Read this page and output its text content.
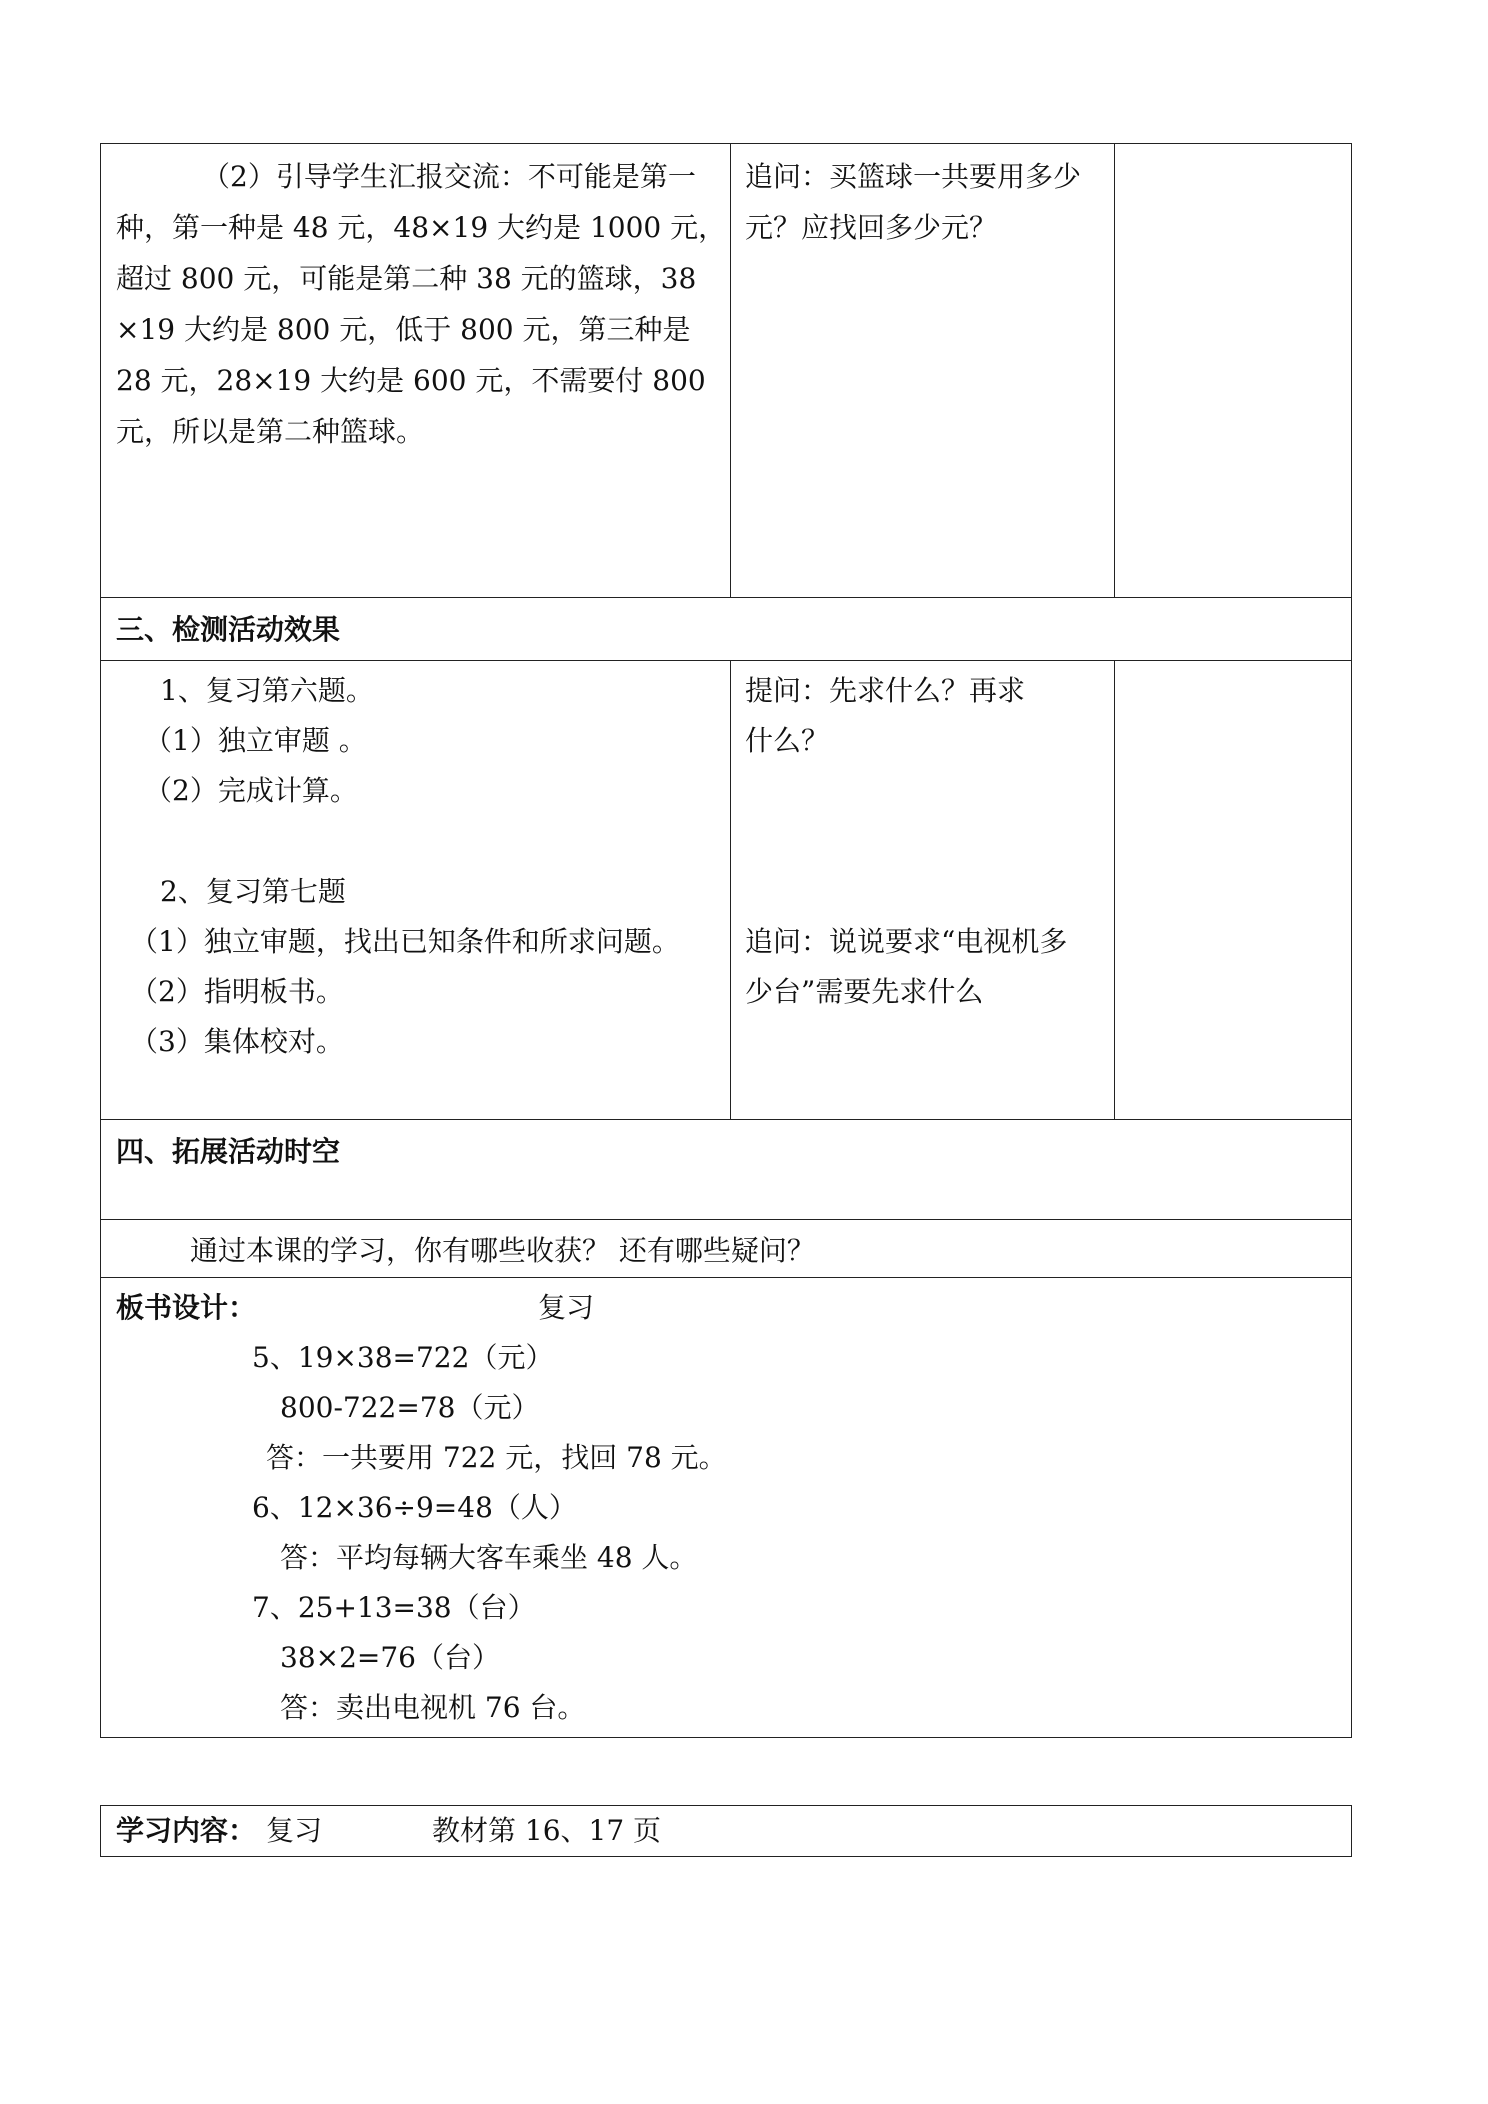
（2）引导学生汇报交流：不可能是第一
种，第一种是 48 元，48×19 大约是 1000 元，
超过 800 元，可能是第二种 38 元的篮球，38
×19 大约是 800 元，低于 800 元，第三种是
28 元，28×19 大约是 600 元，不需要付 800
元，所以是第二种篮球。
追问：买篮球一共要用多少
元？应找回多少元？
三、检测活动效果
1、复习第六题。
（1）独立审题 。
（2）完成计算。
2、复习第七题
（1）独立审题，找出已知条件和所求问题。
（2）指明板书。
（3）集体校对。
提问：先求什么？再求
什么？
追问：说说要求“电视机多
少台”需要先求什么
四、拓展活动时空
通过本课的学习，你有哪些收获？ 还有哪些疑问？
板书设计：	复习
5、19×38=722（元）
800-722=78（元）
答：一共要用 722 元，找回 78 元。
6、12×36÷9=48（人）
答：平均每辆大客车乘坐 48 人。
7、25+13=38（台）
38×2=76（台）
答：卖出电视机 76 台。
学习内容： 复习	教材第 16、17 页
